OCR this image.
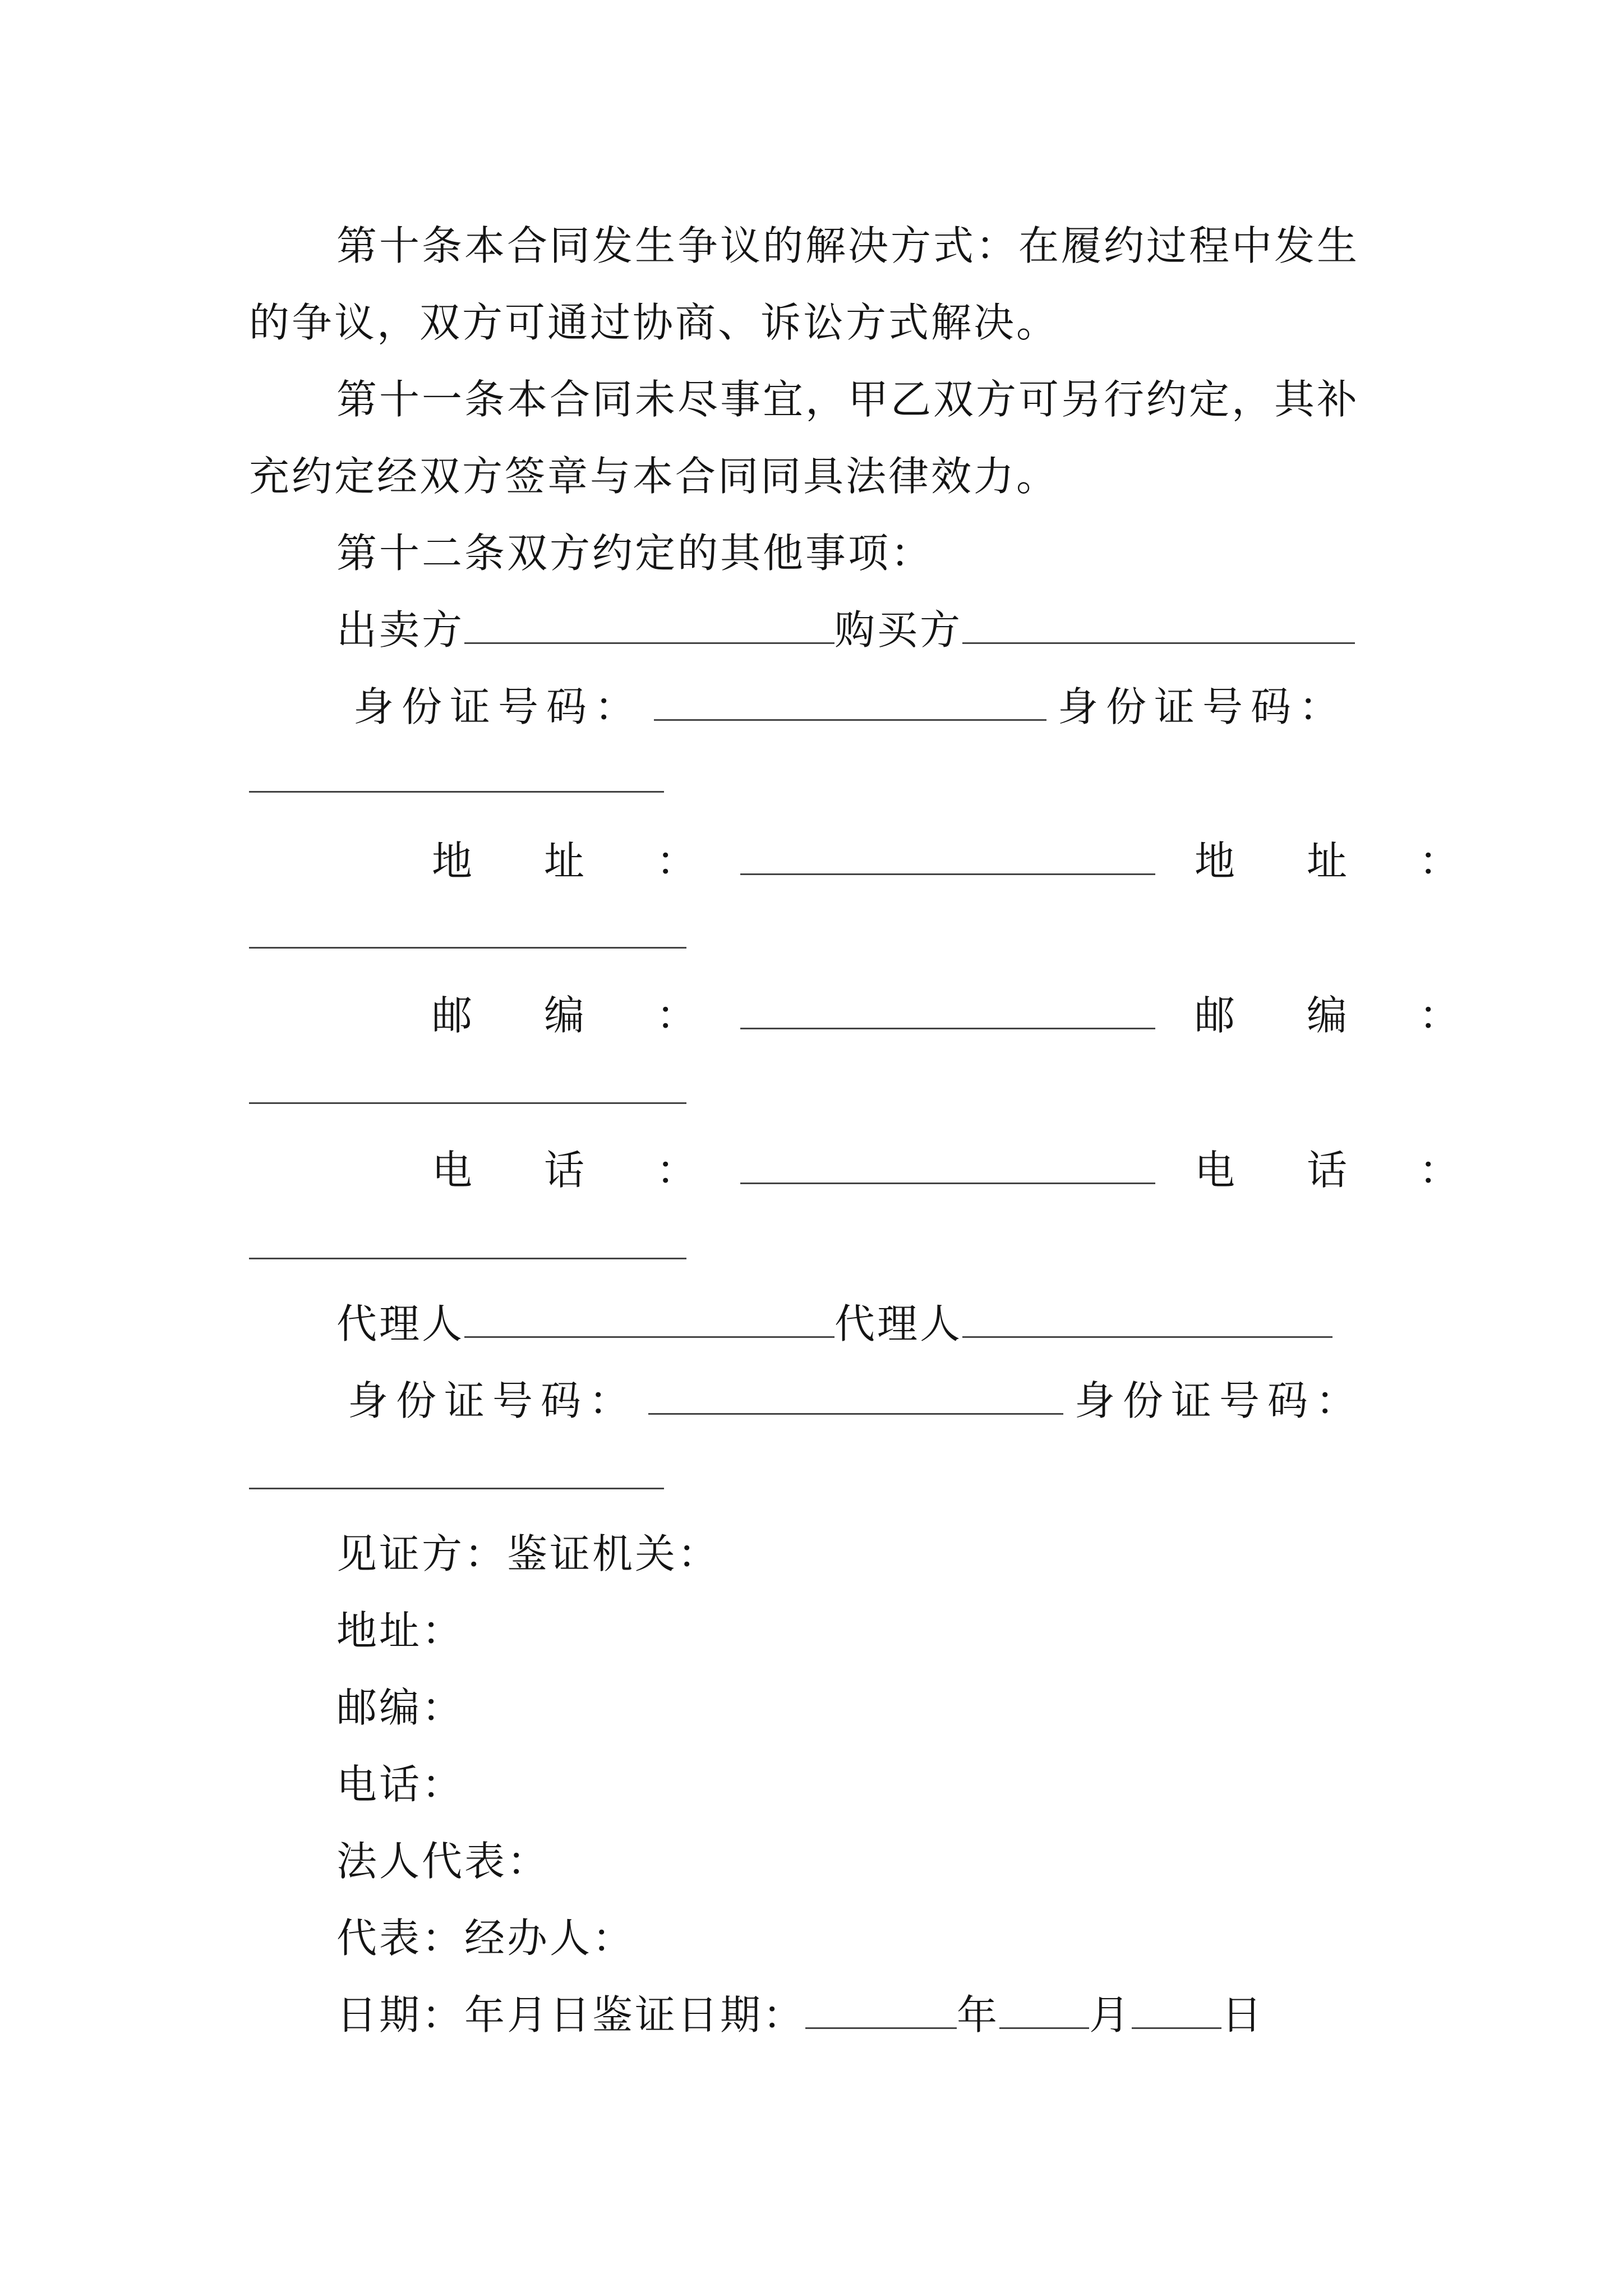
第十条本合同发生争议的解决方式：在履约过程中发生
的争议，双方可通过协商、诉讼方式解决。
第十一条本合同未尽事宜，甲乙双方可另行约定，其补
充约定经双方签章与本合同同具法律效力。
第十二条双方约定的其他事项：
出卖方	购买方
身份证号码：	身份证号码：
地　址　：	地　址　：
邮　编　：	邮　编　：
电　话　：	电　话　：
代理人	代理人
身份证号码：	身份证号码：
见证方：鉴证机关：
地址：
邮编：
电话：
法人代表：
代表：经办人：
日期：年月日鉴证日期：	年 月 日
